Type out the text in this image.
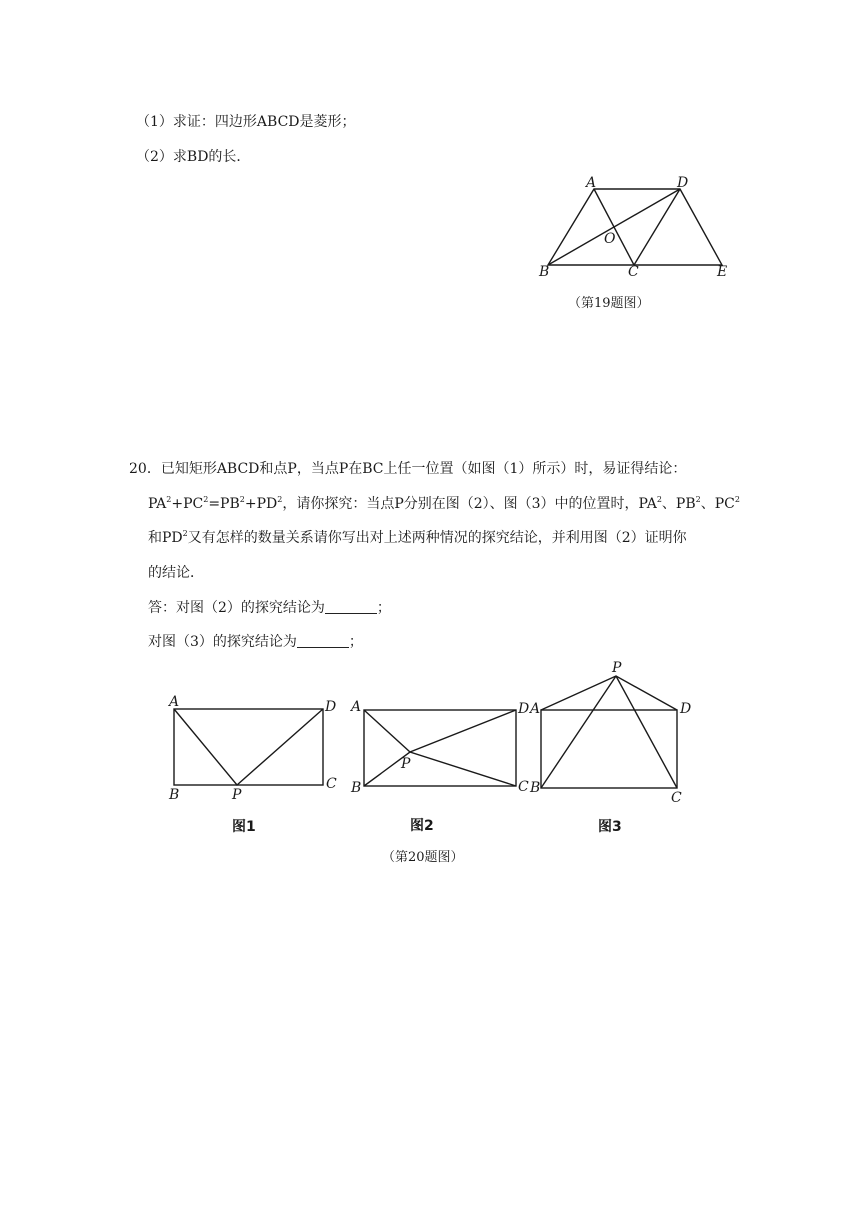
（1）求证：四边形ABCD是菱形；
（2）求BD的长．
A	D
O
B	C	E
（第19题图）
20．已知矩形ABCD和点P，当点P在BC上任一位置（如图（1）所示）时，易证得结论：
$PA^2+PC^2=PB^2+PD^2$，请你探究：当点P分别在图（2）、图（3）中的位置时，$PA^2$、$PB^2$、$PC^2$
和$PD^2$又有怎样的数量关系请你写出对上述两种情况的探究结论，并利用图（2）证明你
的结论．
答：对图（2）的探究结论为	；
对图（3）的探究结论为	；
A	D
C
B	P
A	D
P
B	C
P
A	D
B
C
图1	图2	图3
（第20题图）
